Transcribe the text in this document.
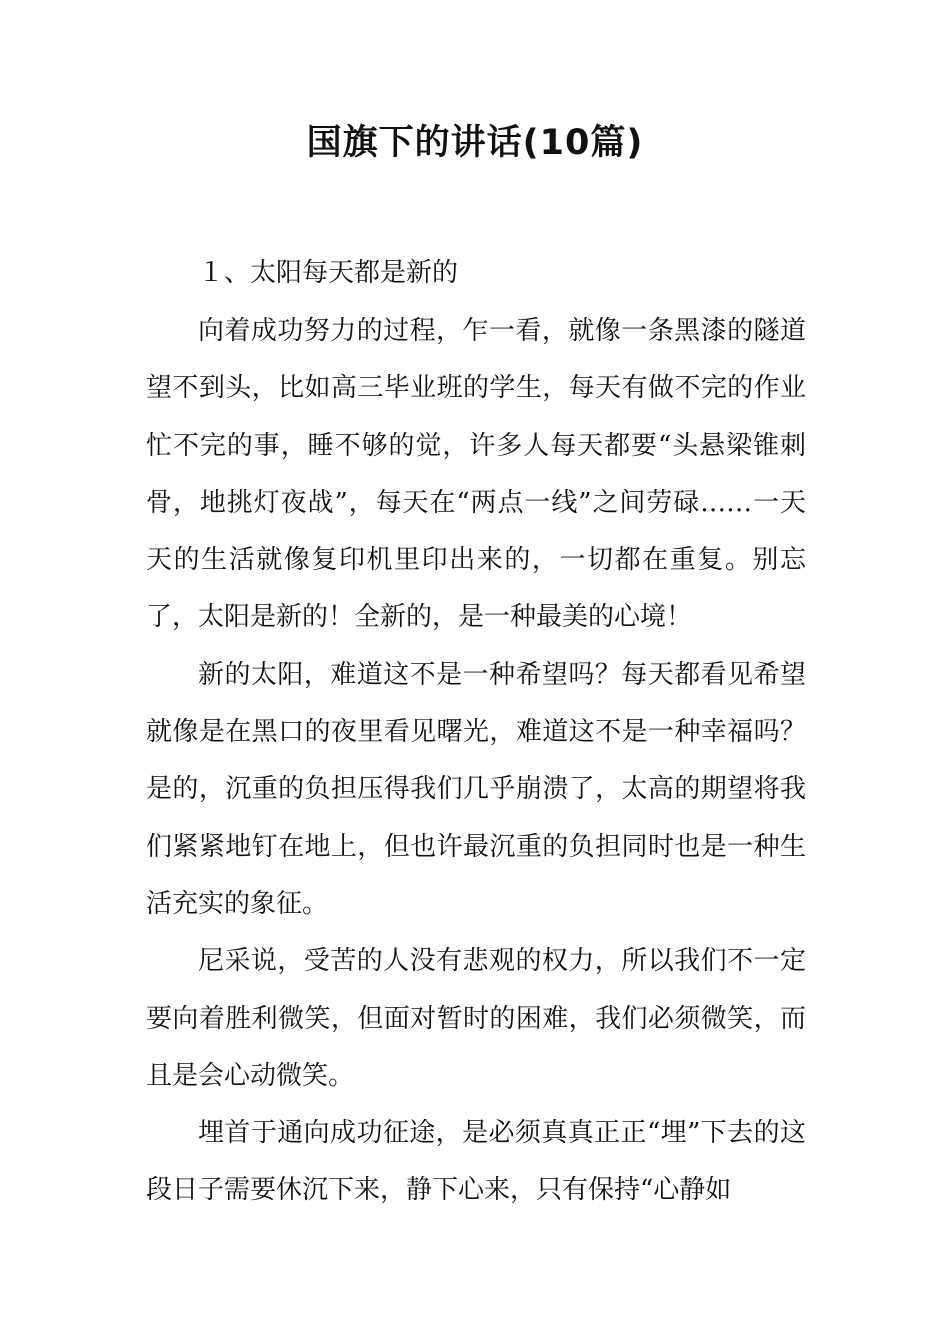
国旗下的讲话(10篇)
１、太阳每天都是新的

向着成功努力的过程，乍一看，就像一条黑漆的隧道望不到头，比如高三毕业班的学生，每天有做不完的作业忙不完的事，睡不够的觉，许多人每天都要“头悬梁锥刺骨，地挑灯夜战”，每天在“两点一线”之间劳碌……一天天的生活就像复印机里印出来的，一切都在重复。别忘了，太阳是新的！全新的，是一种最美的心境！

新的太阳，难道这不是一种希望吗？每天都看见希望就像是在黑口的夜里看见曙光，难道这不是一种幸福吗？是的，沉重的负担压得我们几乎崩溃了，太高的期望将我们紧紧地钉在地上，但也许最沉重的负担同时也是一种生活充实的象征。

尼采说，受苦的人没有悲观的权力，所以我们不一定要向着胜利微笑，但面对暂时的困难，我们必须微笑，而且是会心动微笑。

埋首于通向成功征途，是必须真真正正“埋”下去的这段日子需要休沉下来，静下心来，只有保持“心静如
